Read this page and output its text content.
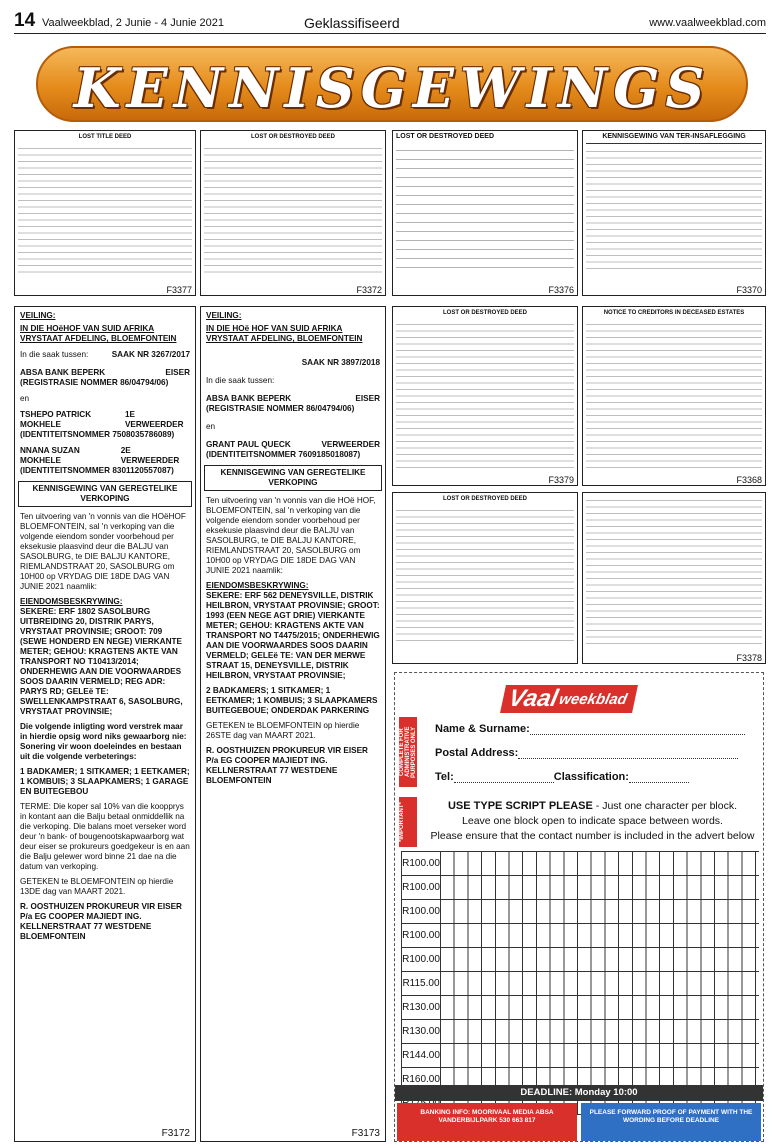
14 Vaalweekblad, 2 Junie - 4 Junie 2021	Geklassifiseerd	www.vaalweekblad.com
KENNISGEWINGS
LOST TITLE DEED
F3377
LOST OR DESTROYED DEED
F3372
LOST OR DESTROYED DEED
F3376
KENNISGEWING VAN TER-INSAFLEGGING
F3370
VEILING:
IN DIE HOëHOF VAN SUID AFRIKA VRYSTAAT AFDELING, BLOEMFONTEIN
In die saak tussen:	SAAK NR 3267/2017
ABSA BANK BEPERK	EISER
(REGISTRASIE NOMMER 86/04794/06)
en
TSHEPO PATRICK MOKHELE
1E VERWEERDER
(IDENTITEITSNOMMER 7508035786089)
NNANA SUZAN MOKHELE
2E VERWEERDER
(IDENTITEITSNOMMER 8301120557087)
KENNISGEWING VAN GEREGTELIKE VERKOPING

Ten uitvoering van 'n vonnis van die HOëHOF BLOEMFONTEIN, sal 'n verkoping van die volgende eiendom sonder voorbehoud per eksekusie plaasvind deur die BALJU van SASOLBURG, te DIE BALJU KANTORE, RIEMLANDSTRAAT 20, SASOLBURG om 10H00 op VRYDAG DIE 18DE DAG VAN JUNIE 2021 naamlik:

EIENDOMSBESKRYWING:

SEKERE: ERF 1802 SASOLBURG UITBREIDING 20, DISTRIK PARYS, VRYSTAAT PROVINSIE; GROOT: 709 (SEWE HONDERD EN NEGE) VIERKANTE METER; GEHOU: KRAGTENS AKTE VAN TRANSPORT NO T10413/2014; ONDERHEWIG AAN DIE VOORWAARDES SOOS DAARIN VERMELD; REG ADR: PARYS RD; GELEë TE: SWELLENKAMPSTRAAT 6, SASOLBURG, VRYSTAAT PROVINSIE;

Die volgende inligting word verstrek maar in hierdie opsig word niks gewaarborg nie: Sonering vir woon doeleindes en bestaan uit die volgende verbeterings:

1 BADKAMER; 1 SITKAMER; 1 EETKAMER; 1 KOMBUIS; 3 SLAAPKAMERS; 1 GARAGE EN BUITEGEBOU

TERME: Die koper sal 10% van die koopprys in kontant aan die Balju betaal onmiddellik na die verkoping. Die balans moet verseker word deur 'n bank- of bougenootskapwaarborg wat deur eiser se prokureurs goedgekeur is en aan die Balju gelewer word binne 21 dae na die datum van verkoping.

GETEKEN te BLOEMFONTEIN op hierdie 13DE dag van MAART 2021.

R. OOSTHUIZEN PROKUREUR VIR EISER P/a EG COOPER MAJIEDT ING. KELLNERSTRAAT 77 WESTDENE BLOEMFONTEIN

F3172
VEILING:
IN DIE HOë HOF VAN SUID AFRIKA VRYSTAAT AFDELING, BLOEMFONTEIN
SAAK NR 3897/2018
In die saak tussen:
ABSA BANK BEPERK	EISER
(REGISTRASIE NOMMER 86/04794/06)
en
GRANT PAUL QUECK	VERWEERDER
(IDENTITEITSNOMMER 7609185018087)
KENNISGEWING VAN GEREGTELIKE VERKOPING

Ten uitvoering van 'n vonnis van die HOë HOF, BLOEMFONTEIN, sal 'n verkoping van die volgende eiendom sonder voorbehoud per eksekusie plaasvind deur die BALJU van SASOLBURG, te DIE BALJU KANTORE, RIEMLANDSTRAAT 20, SASOLBURG om 10H00 op VRYDAG DIE 18DE DAG VAN JUNIE 2021 naamlik:

EIENDOMSBESKRYWING:

SEKERE: ERF 562 DENEYSVILLE, DISTRIK HEILBRON, VRYSTAAT PROVINSIE; GROOT: 1993 (EEN NEGE AGT DRIE) VIERKANTE METER; GEHOU: KRAGTENS AKTE VAN TRANSPORT NO T4475/2015; ONDERHEWIG AAN DIE VOORWAARDES SOOS DAARIN VERMELD; GELEë TE: VAN DER MERWE STRAAT 15, DENEYSVILLE, DISTRIK HEILBRON, VRYSTAAT PROVINSIE;

2 BADKAMERS; 1 SITKAMER; 1 EETKAMER; 1 KOMBUIS; 3 SLAAPKAMERS BUITEGEBOUE; ONDERDAK PARKERING

GETEKEN te BLOEMFONTEIN op hierdie 26STE dag van MAART 2021.

R. OOSTHUIZEN PROKUREUR VIR EISER P/a EG COOPER MAJIEDT ING. KELLNERSTRAAT 77 WESTDENE BLOEMFONTEIN

F3173
LOST OR DESTROYED DEED
F3379
NOTICE TO CREDITORS IN DECEASED ESTATES
F3368
LOST OR DESTROYED DEED
F3378
Vaal
weekblad
COMPLETE FOR ADMINISTRATIVE PURPOSES ONLY
*IMPORTANT*
Name & Surname:
Postal Address:
Tel:	Classification:
USE TYPE SCRIPT PLEASE - Just one character per block.
Leave one block open to indicate space between words.
Please ensure that the contact number is included in the advert below
R100.00
R100.00
R100.00
R100.00
R100.00
R115.00
R130.00
R130.00
R144.00
R160.00
DEADLINE: Monday 10:00
BANKING INFO: MOORIVAAL MEDIA ABSA VANDERBIJLPARK 530 663 817
PLEASE FORWARD PROOF OF PAYMENT WITH THE WORDING BEFORE DEADLINE
